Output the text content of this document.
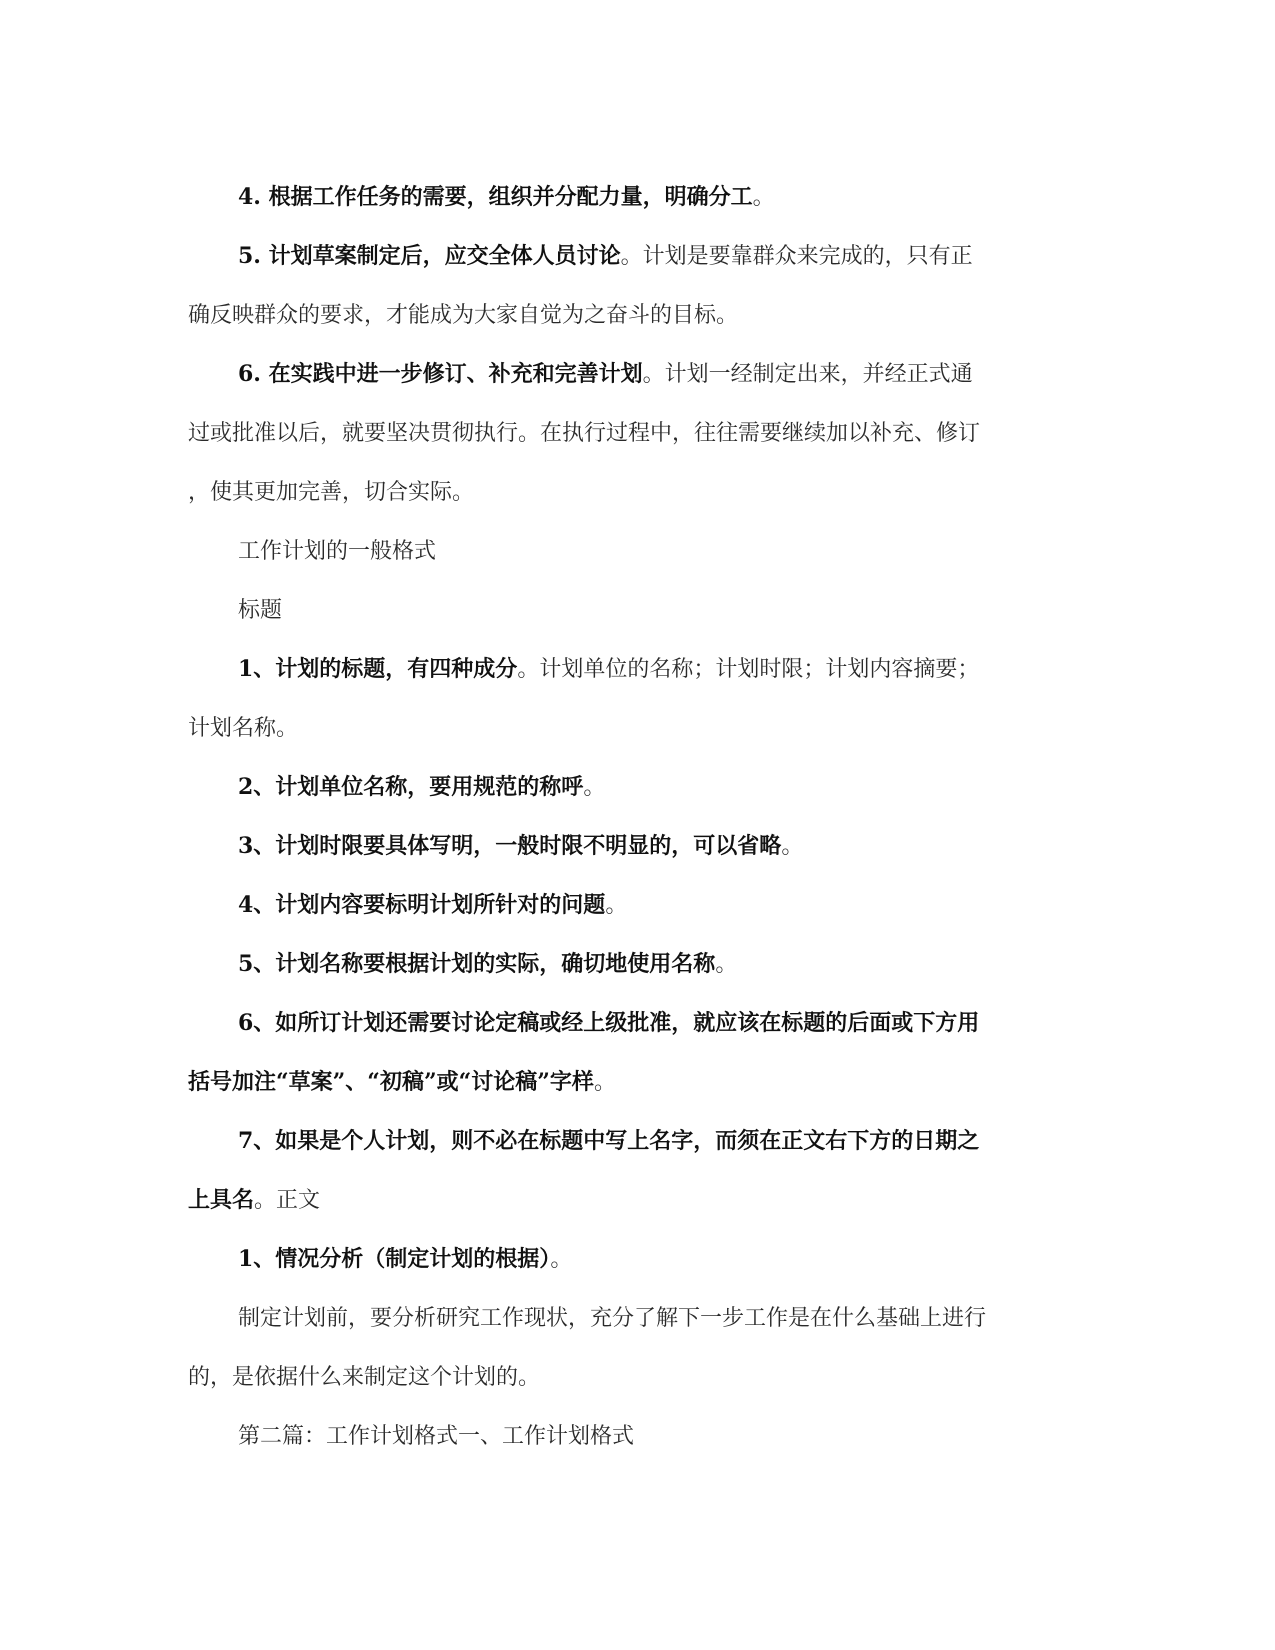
4. 根据工作任务的需要，组织并分配力量，明确分工。
5. 计划草案制定后，应交全体人员讨论。计划是要靠群众来完成的，只有正
确反映群众的要求，才能成为大家自觉为之奋斗的目标。
6. 在实践中进一步修订、补充和完善计划。计划一经制定出来，并经正式通
过或批准以后，就要坚决贯彻执行。在执行过程中，往往需要继续加以补充、修订
，使其更加完善，切合实际。
工作计划的一般格式
标题
1、计划的标题，有四种成分。计划单位的名称；计划时限；计划内容摘要；
计划名称。
2、计划单位名称，要用规范的称呼。
3、计划时限要具体写明，一般时限不明显的，可以省略。
4、计划内容要标明计划所针对的问题。
5、计划名称要根据计划的实际，确切地使用名称。
6、如所订计划还需要讨论定稿或经上级批准，就应该在标题的后面或下方用
括号加注“草案”、“初稿”或“讨论稿”字样。
7、如果是个人计划，则不必在标题中写上名字，而须在正文右下方的日期之
上具名。正文
1、情况分析（制定计划的根据）。
制定计划前，要分析研究工作现状，充分了解下一步工作是在什么基础上进行
的，是依据什么来制定这个计划的。
第二篇：工作计划格式一、工作计划格式
